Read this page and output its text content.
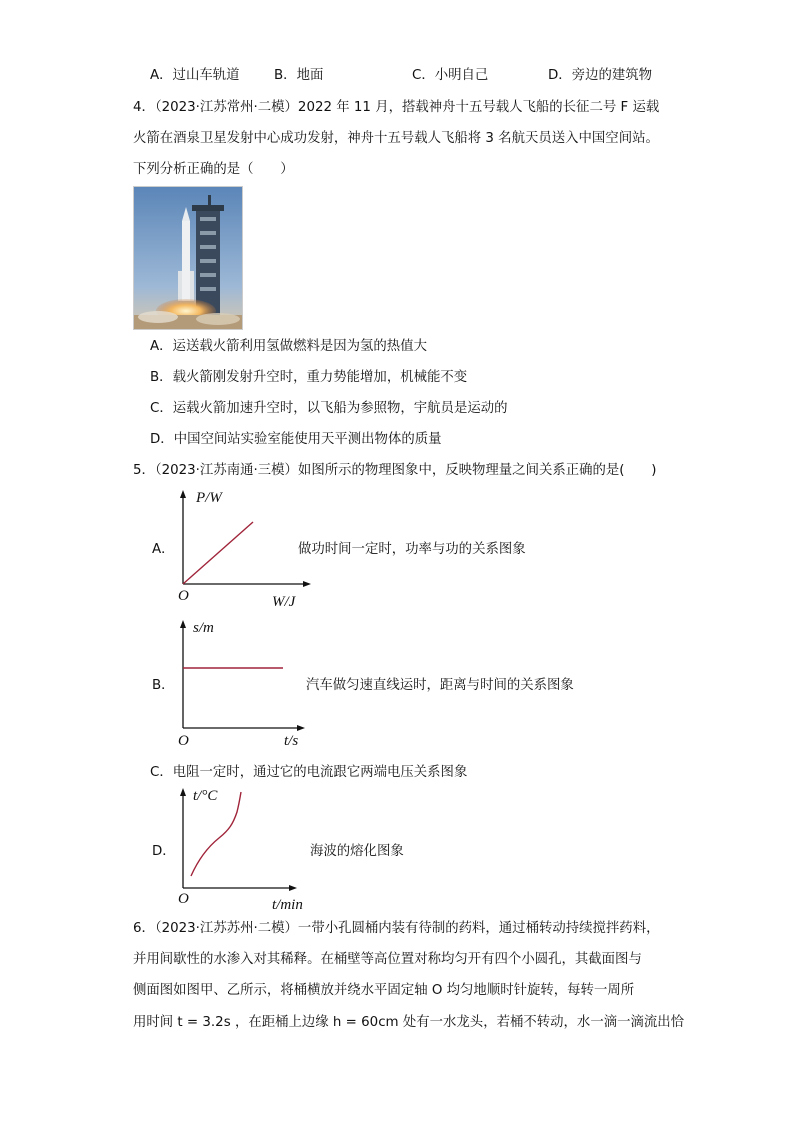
A．过山车轨道	B．地面	C．小明自己	D．旁边的建筑物
4．（2023·江苏常州·二模）2022 年 11 月，搭载神舟十五号载人飞船的长征二号 F 运载
火箭在酒泉卫星发射中心成功发射，神舟十五号载人飞船将 3 名航天员送入中国空间站。
下列分析正确的是（　　）
A．运送载火箭利用氢做燃料是因为氢的热值大
B．载火箭刚发射升空时，重力势能增加，机械能不变
C．运载火箭加速升空时，以飞船为参照物，宇航员是运动的
D．中国空间站实验室能使用天平测出物体的质量
5．（2023·江苏南通·三模）如图所示的物理图象中，反映物理量之间关系正确的是(　　)
A．
P/W
O	W/J
做功时间一定时，功率与功的关系图象
B．
s/m
O	t/s
汽车做匀速直线运时，距离与时间的关系图象
C．电阻一定时，通过它的电流跟它两端电压关系图象
D．
t/°C
O	t/min
海波的熔化图象
6．（2023·江苏苏州·二模）一带小孔圆桶内装有待制的药料，通过桶转动持续搅拌药料，
并用间歇性的水渗入对其稀释。在桶壁等高位置对称均匀开有四个小圆孔，其截面图与
侧面图如图甲、乙所示，将桶横放并绕水平固定轴 O 均匀地顺时针旋转，每转一周所
用时间 t = 3.2s ，在距桶上边缘 h = 60cm 处有一水龙头，若桶不转动，水一滴一滴流出恰
